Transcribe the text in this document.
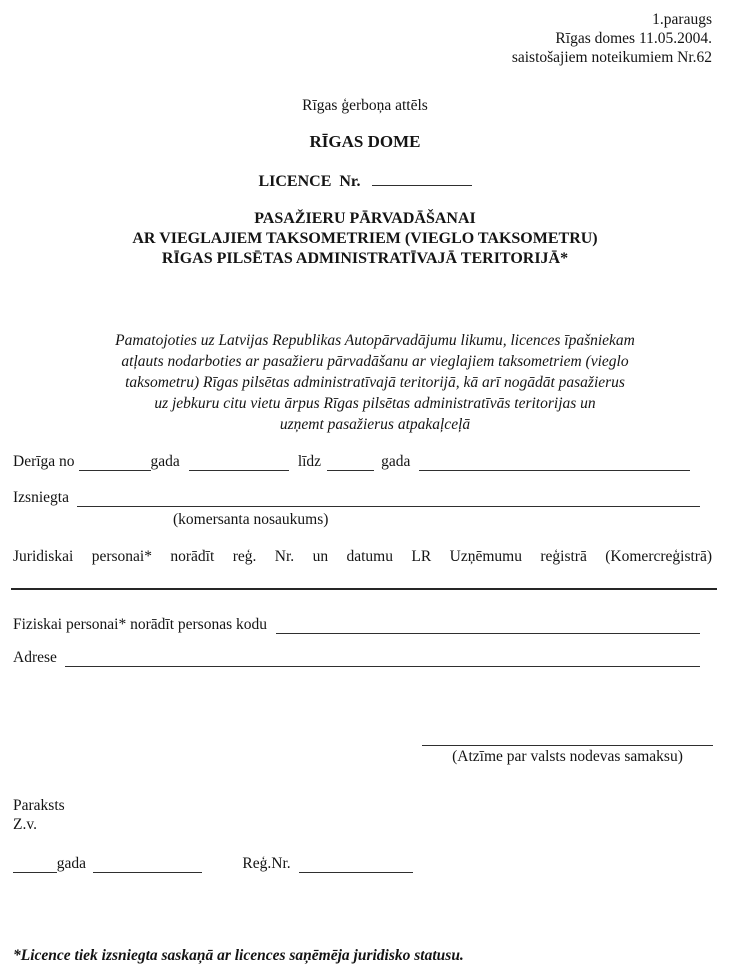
1.paraugs
Rīgas domes 11.05.2004.
saistošajiem noteikumiem Nr.62
Rīgas ģerboņa attēls
RĪGAS DOME
LICENCE  Nr.
PASAŽIERU PĀRVADĀŠANAI
AR VIEGLAJIEM TAKSOMETRIEM (VIEGLO TAKSOMETRU)
RĪGAS PILSĒTAS ADMINISTRATĪVAJĀ TERITORIJĀ*
Pamatojoties uz Latvijas Republikas Autopārvadājumu likumu, licences īpašniekam
atļauts nodarboties ar pasažieru pārvadāšanu ar vieglajiem taksometriem (vieglo
taksometru) Rīgas pilsētas administratīvajā teritorijā, kā arī nogādāt pasažierus
uz jebkuru citu vietu ārpus Rīgas pilsētas administratīvās teritorijas un
uzņemt pasažierus atpakaļceļā
Derīga no	gada	līdz	gada
Izsniegta
(komersanta nosaukums)
Juridiskai personai* norādīt reģ. Nr. un datumu LR Uzņēmumu reģistrā (Komercreģistrā)
Fiziskai personai* norādīt personas kodu
Adrese
(Atzīme par valsts nodevas samaksu)
Paraksts
Z.v.
gada	Reģ.Nr.
*Licence tiek izsniegta saskaņā ar licences saņēmēja juridisko statusu.
